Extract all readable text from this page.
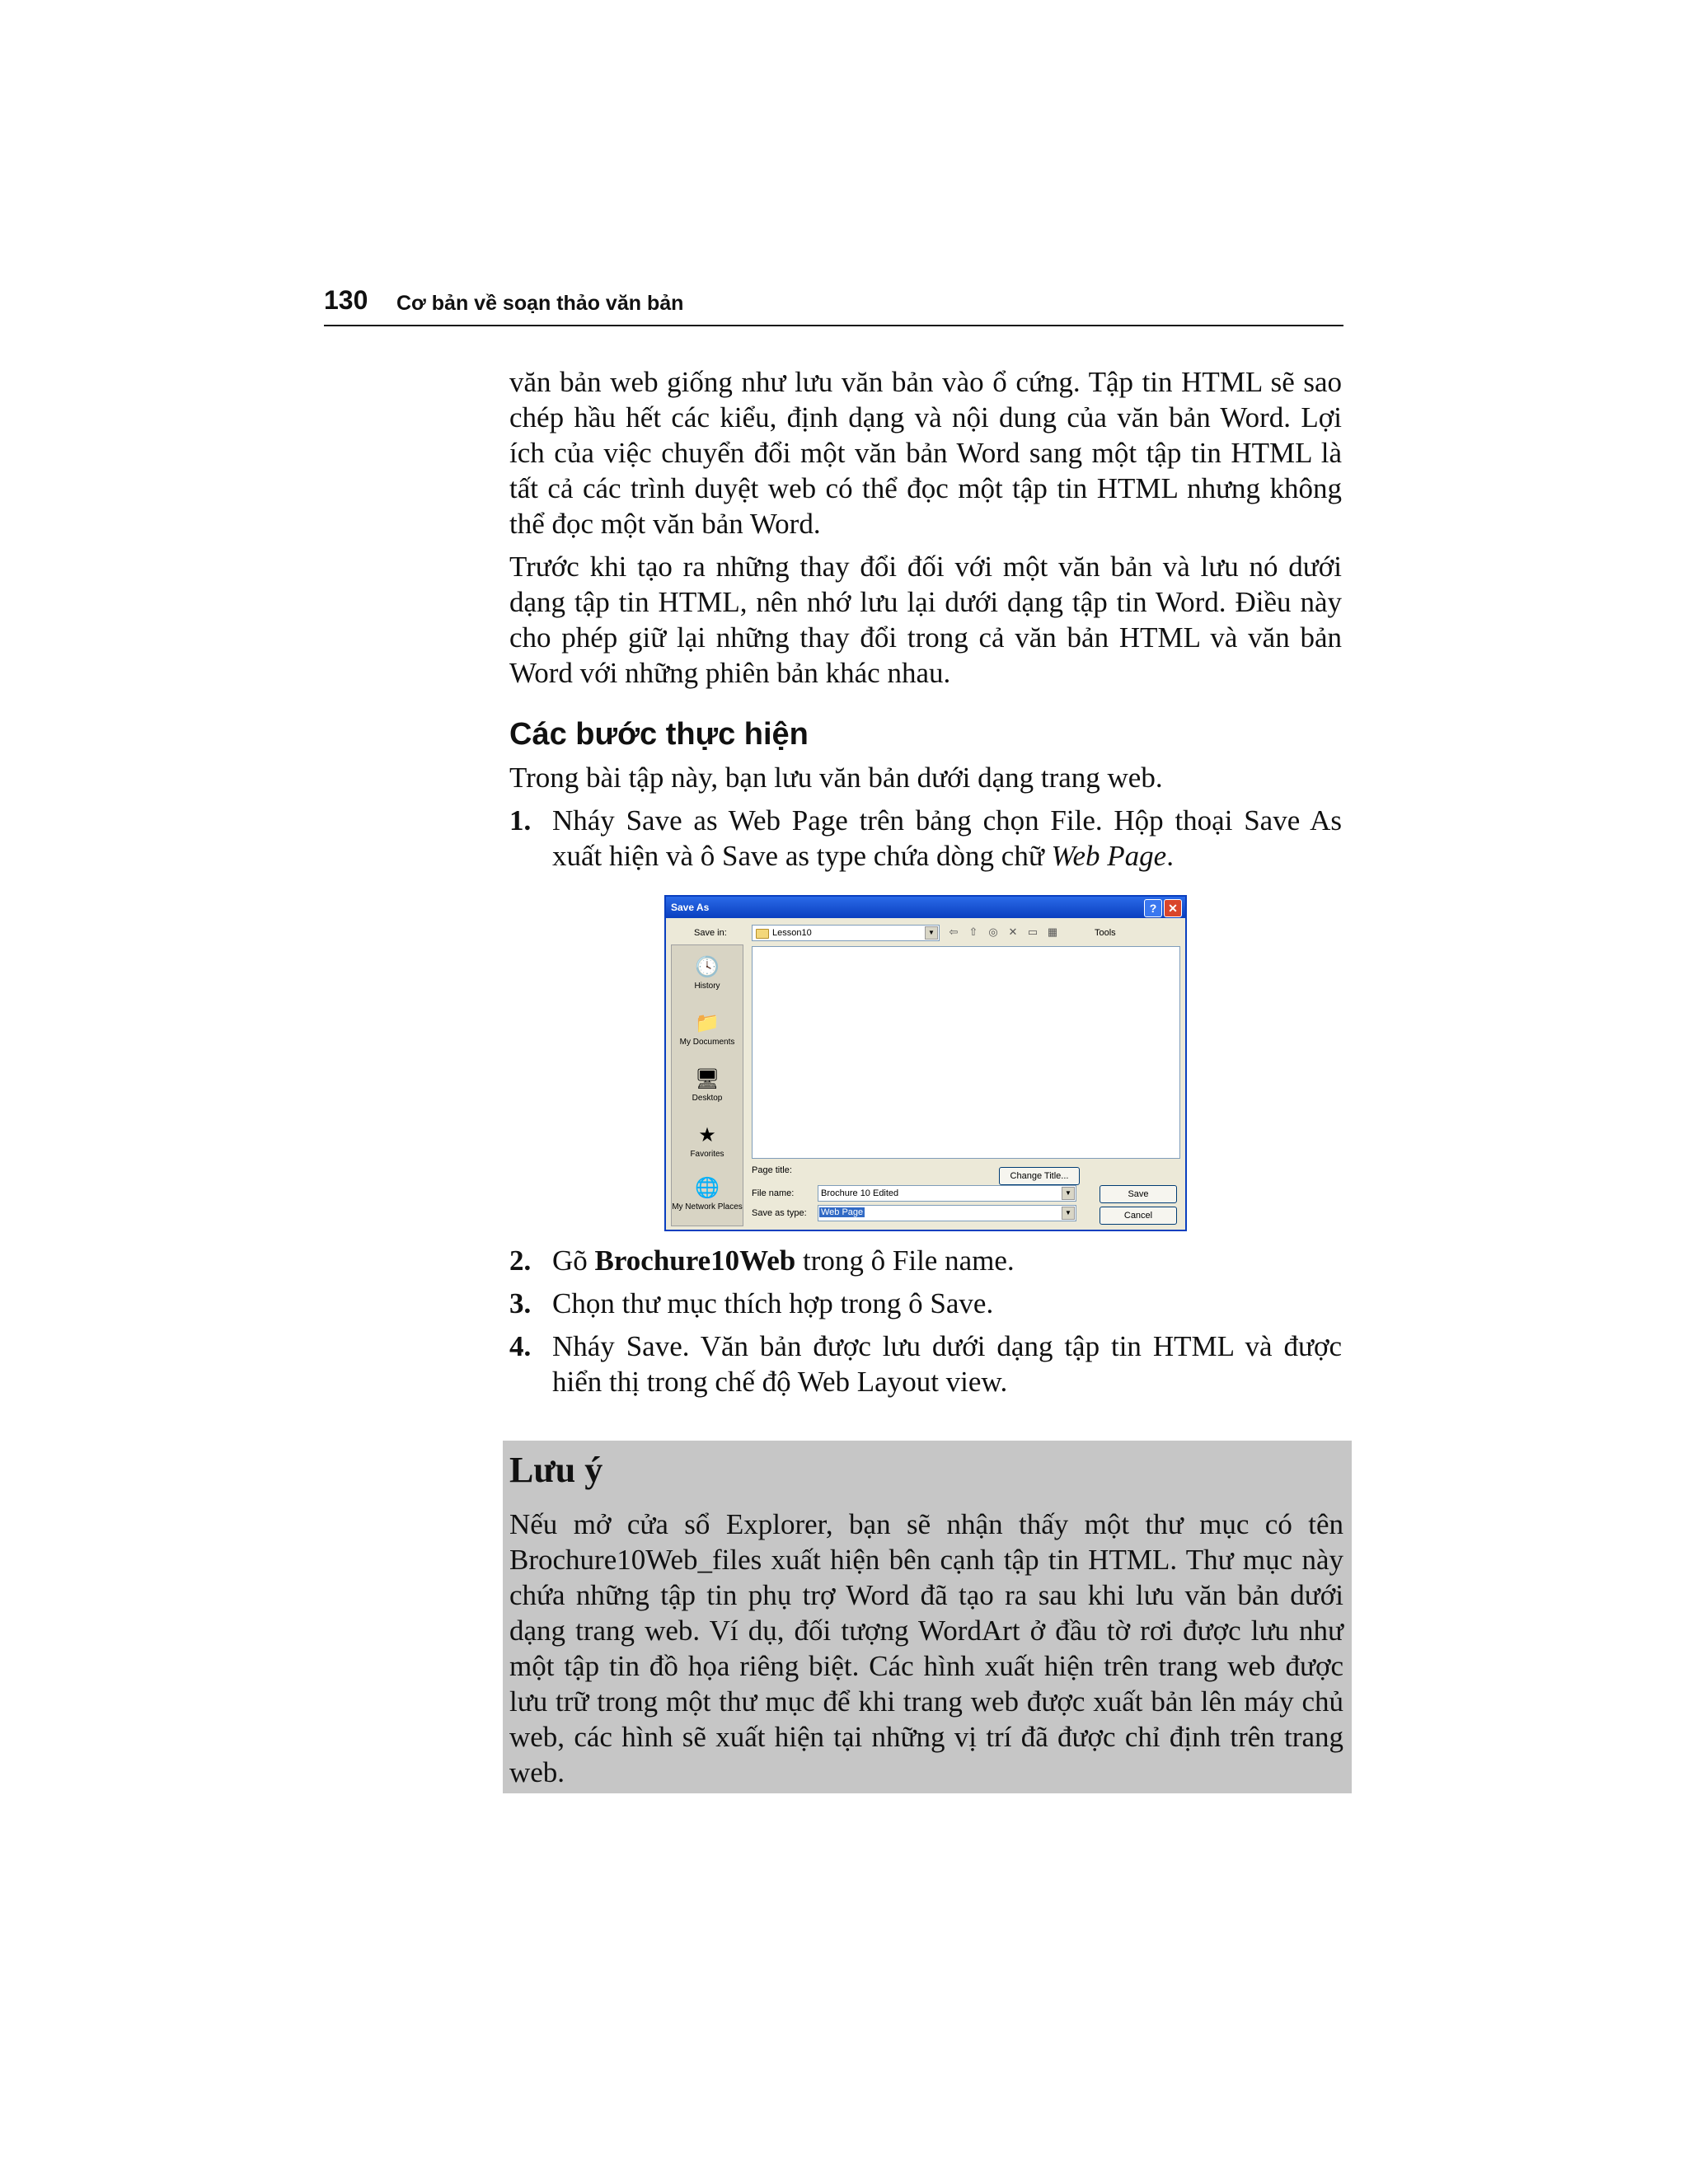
130 Cơ bản về soạn thảo văn bản

văn bản web giống như lưu văn bản vào ổ cứng. Tập tin HTML sẽ sao chép hầu hết các kiểu, định dạng và nội dung của văn bản Word. Lợi ích của việc chuyển đổi một văn bản Word sang một tập tin HTML là tất cả các trình duyệt web có thể đọc một tập tin HTML nhưng không thể đọc một văn bản Word.

Trước khi tạo ra những thay đổi đối với một văn bản và lưu nó dưới dạng tập tin HTML, nên nhớ lưu lại dưới dạng tập tin Word. Điều này cho phép giữ lại những thay đổi trong cả văn bản HTML và văn bản Word với những phiên bản khác nhau.

Các bước thực hiện

Trong bài tập này, bạn lưu văn bản dưới dạng trang web.

1. Nháy Save as Web Page trên bảng chọn File. Hộp thoại Save As xuất hiện và ô Save as type chứa dòng chữ Web Page.
Save As	? ✕
Save in:	Lesson10	▼	⇦ ⇧ ◎ ✕ ▭ ▦	Tools
🕓
History
📁
My Documents
🖥
Desktop
★
Favorites
🌐
My Network Places
Page title:
Change Title...
File name:	Brochure 10 Edited	▼	Save
Save as type: Web Page	▼	Cancel
2. Gõ Brochure10Web trong ô File name.
3. Chọn thư mục thích hợp trong ô Save.
4. Nháy Save. Văn bản được lưu dưới dạng tập tin HTML và được hiển thị trong chế độ Web Layout view.
Lưu ý

Nếu mở cửa sổ Explorer, bạn sẽ nhận thấy một thư mục có tên Brochure10Web_files xuất hiện bên cạnh tập tin HTML. Thư mục này chứa những tập tin phụ trợ Word đã tạo ra sau khi lưu văn bản dưới dạng trang web. Ví dụ, đối tượng WordArt ở đầu tờ rơi được lưu như một tập tin đồ họa riêng biệt. Các hình xuất hiện trên trang web được lưu trữ trong một thư mục để khi trang web được xuất bản lên máy chủ web, các hình sẽ xuất hiện tại những vị trí đã được chỉ định trên trang web.
